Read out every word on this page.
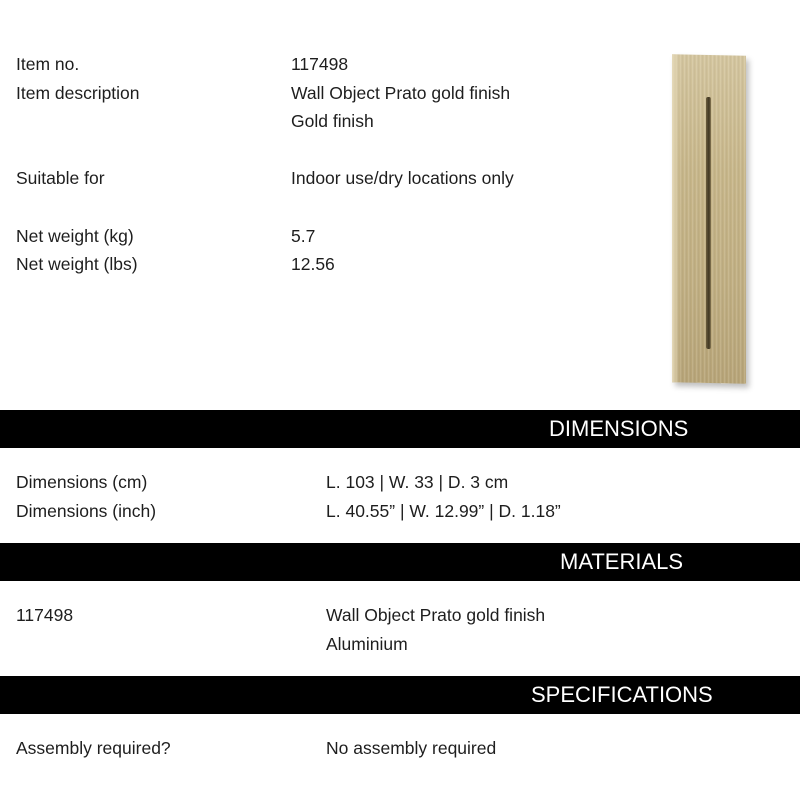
Item no.	117498
Item description	Wall Object Prato gold finish
Gold finish
Suitable for	Indoor use/dry locations only
Net weight (kg)	5.7
Net weight (lbs)	12.56
DIMENSIONS
Dimensions (cm)	L. 103 | W. 33 | D. 3 cm
Dimensions (inch)	L. 40.55” | W. 12.99” | D. 1.18”
MATERIALS
117498	Wall Object Prato gold finish
Aluminium
SPECIFICATIONS
Assembly required?	No assembly required
